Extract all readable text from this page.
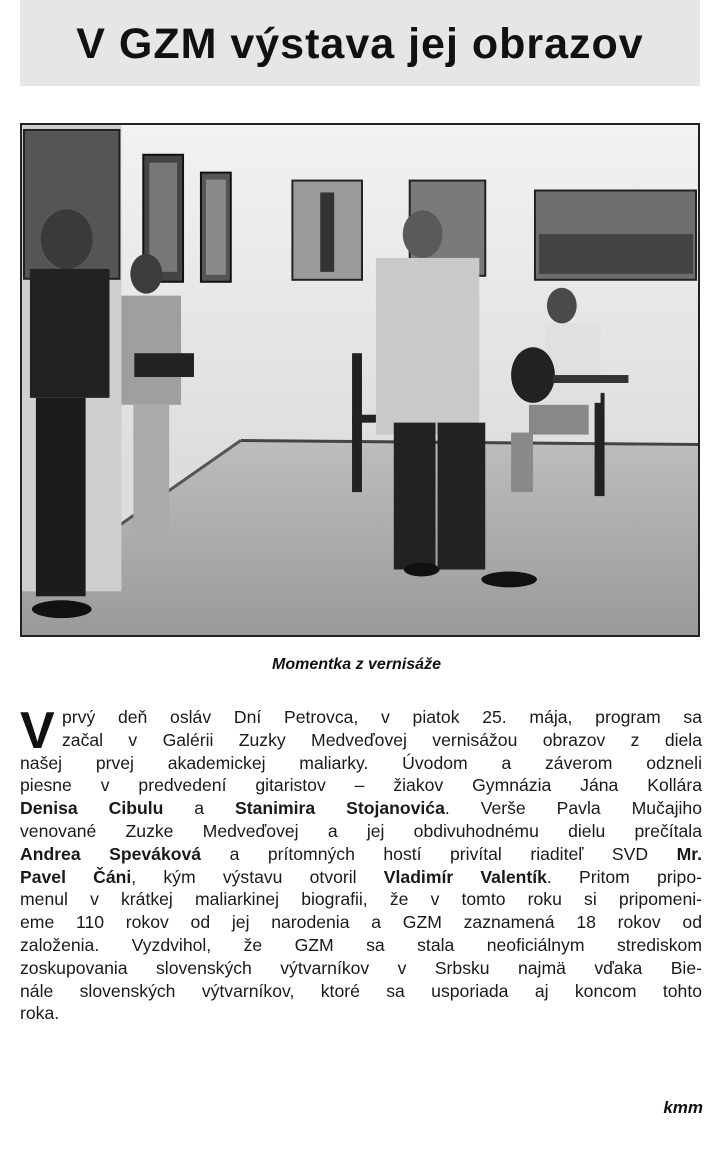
V GZM výstava jej obrazov
Momentka z vernisáže
V prvý deň osláv Dní Petrovca, v piatok 25. mája, program sa
začal v Galérii Zuzky Medveďovej vernisážou obrazov z diela
našej prvej akademickej maliarky. Úvodom a záverom odzneli
piesne v predvedení gitaristov – žiakov Gymnázia Jána Kollára
Denisa Cibulu a Stanimira Stojanovića. Verše Pavla Mučajiho
venované Zuzke Medveďovej a jej obdivuhodnému dielu prečítala
Andrea Speváková a prítomných hostí privítal riaditeľ SVD Mr.
Pavel Čáni, kým výstavu otvoril Vladimír Valentík. Pritom pripo-
menul v krátkej maliarkinej biografii, že v tomto roku si pripomeni-
eme 110 rokov od jej narodenia a GZM zaznamená 18 rokov od
založenia. Vyzdvihol, že GZM sa stala neoficiálnym strediskom
zoskupovania slovenských výtvarníkov v Srbsku najmä vďaka Bie-
nále slovenských výtvarníkov, ktoré sa usporiada aj koncom tohto
roka.
kmm
